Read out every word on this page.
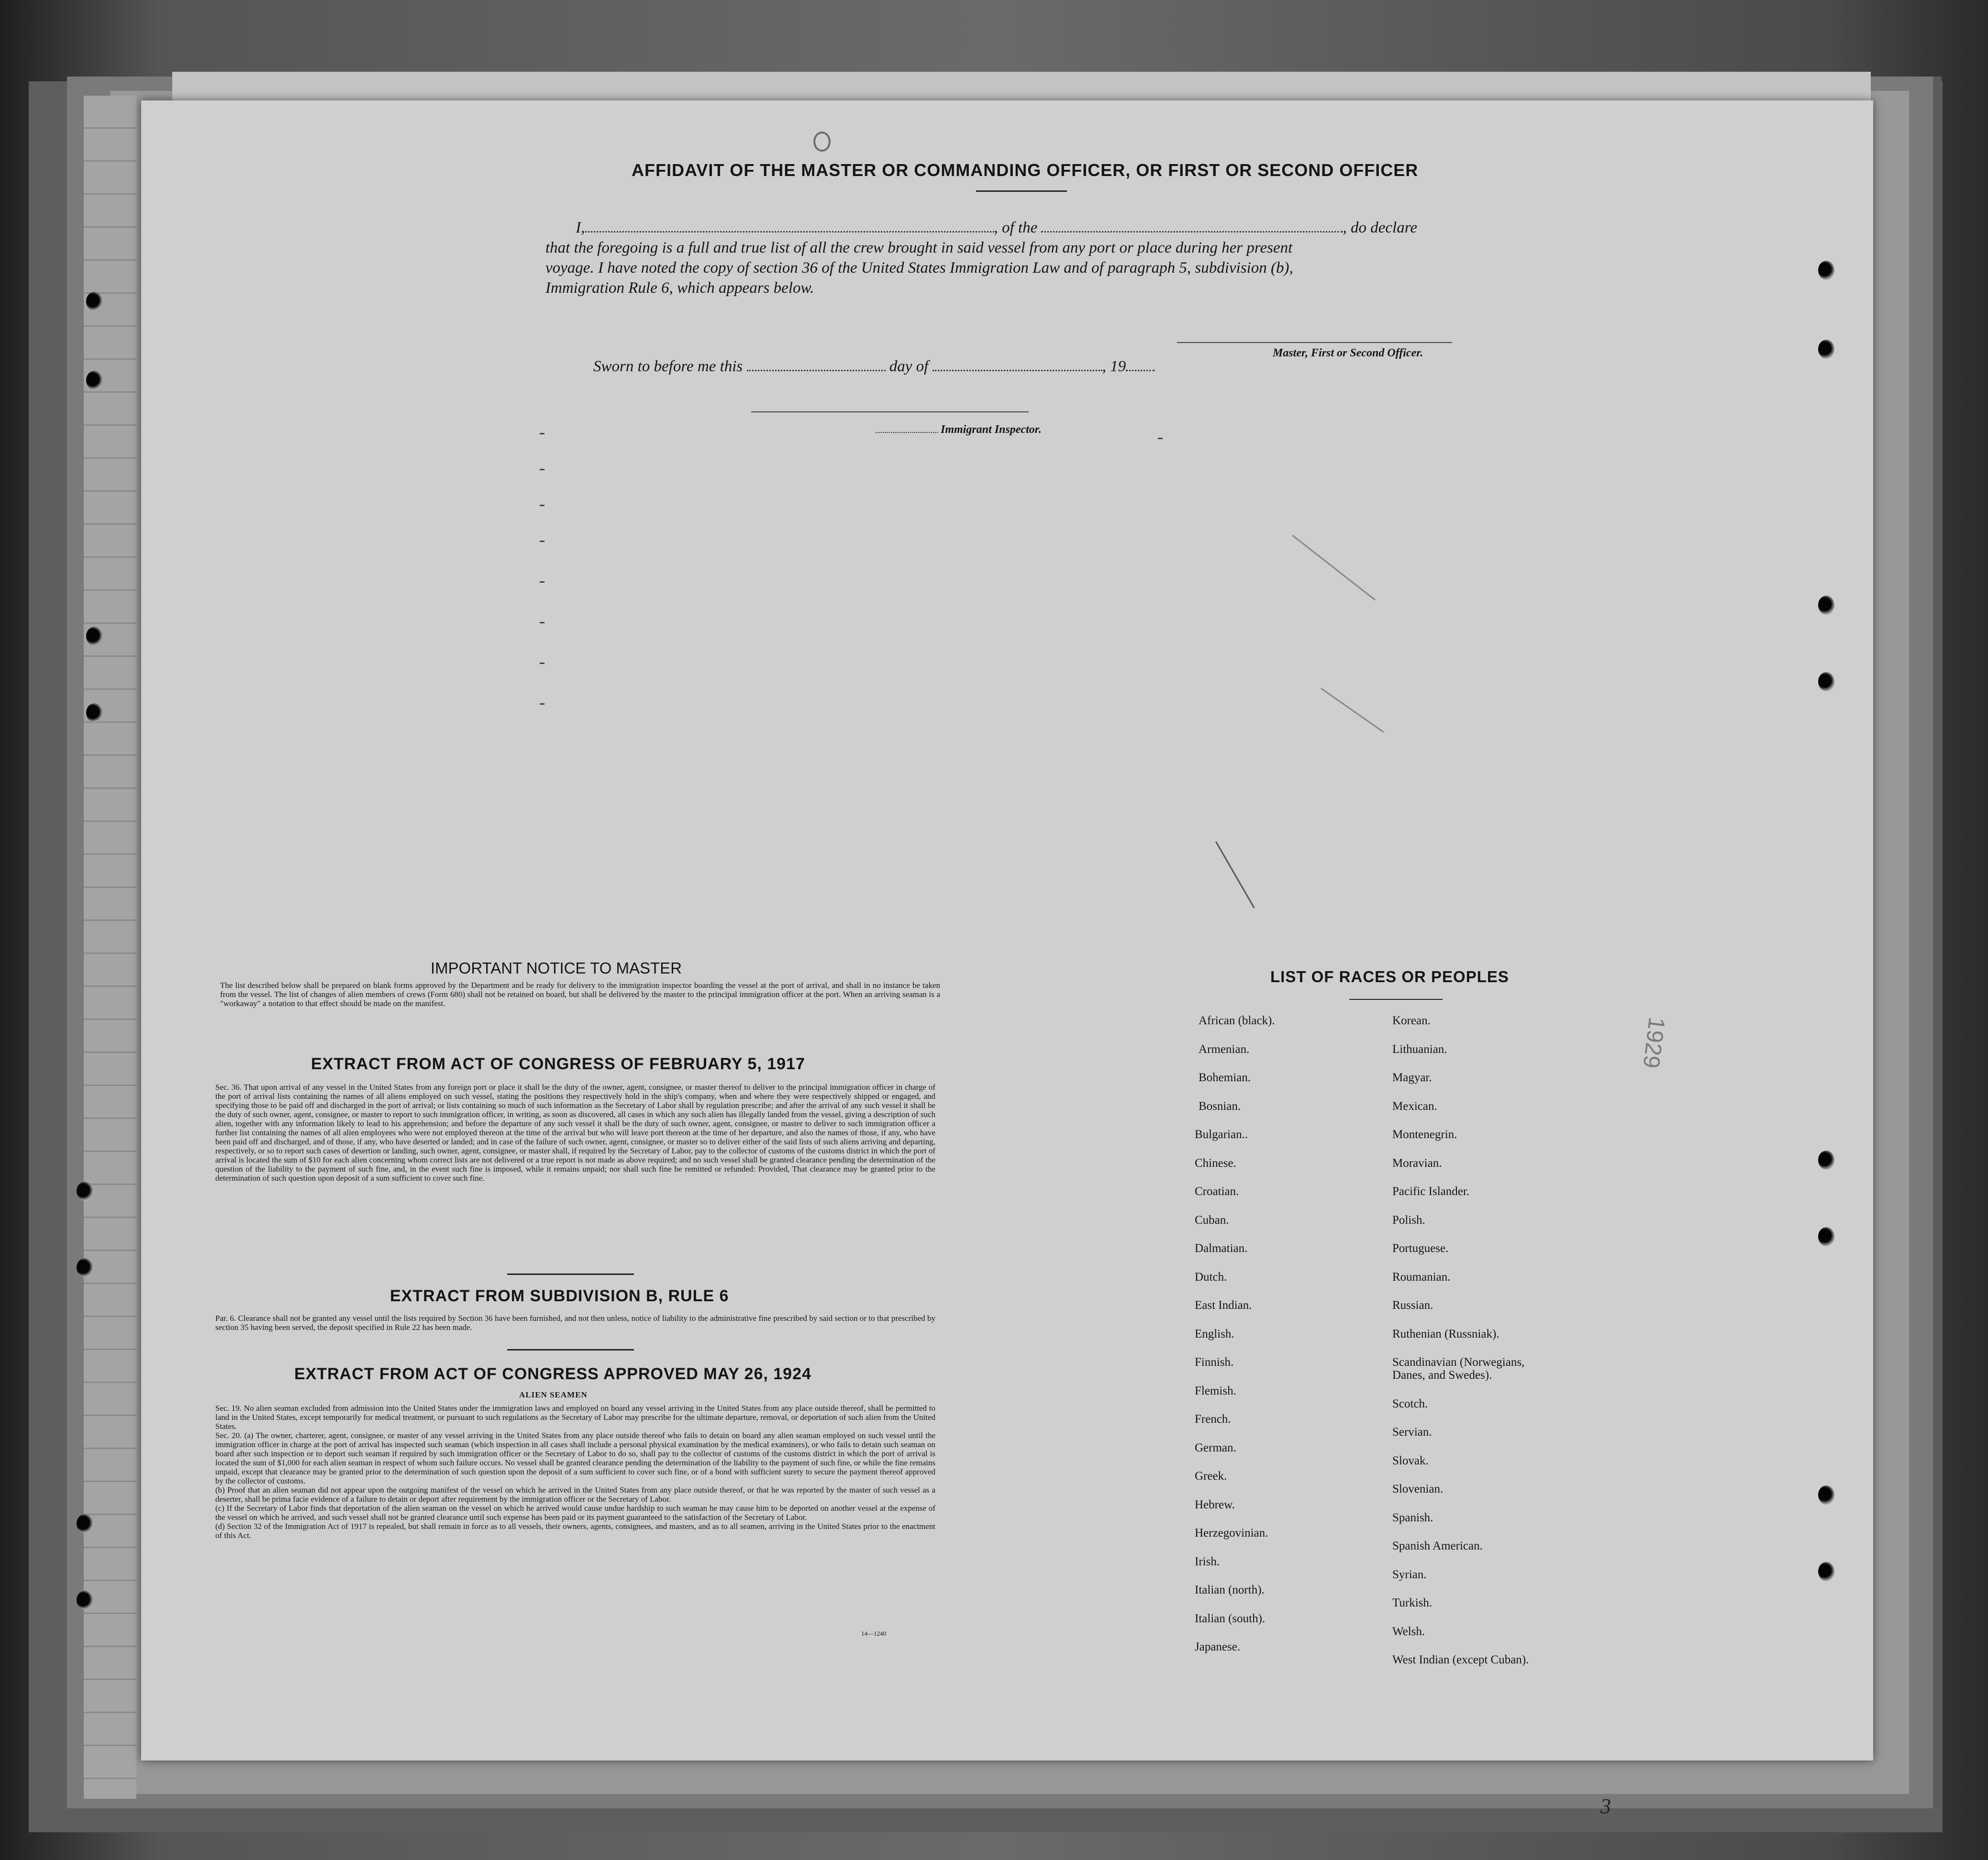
AFFIDAVIT OF THE MASTER OR COMMANDING OFFICER, OR FIRST OR SECOND OFFICER
I,	, of the	, do declare
that the foregoing is a full and true list of all the crew brought in said vessel from any port or place during her present
voyage. I have noted the copy of section 36 of the United States Immigration Law and of paragraph 5, subdivision (b),
Immigration Rule 6, which appears below.
Master, First or Second Officer.
Sworn to before me this	day of	, 19
Immigrant Inspector.
IMPORTANT NOTICE TO MASTER
The list described below shall be prepared on blank forms approved by the Department and be ready for delivery to the immigration inspector boarding the vessel at the port of arrival, and shall in no instance be taken from the vessel. The list of changes of alien members of crews (Form 680) shall not be retained on board, but shall be delivered by the master to the principal immigration officer at the port. When an arriving seaman is a "workaway" a notation to that effect should be made on the manifest.
EXTRACT FROM ACT OF CONGRESS OF FEBRUARY 5, 1917
Sec. 36. That upon arrival of any vessel in the United States from any foreign port or place it shall be the duty of the owner, agent, consignee, or master thereof to deliver to the principal immigration officer in charge of the port of arrival lists containing the names of all aliens employed on such vessel, stating the positions they respectively hold in the ship's company, when and where they were respectively shipped or engaged, and specifying those to be paid off and discharged in the port of arrival; or lists containing so much of such information as the Secretary of Labor shall by regulation prescribe; and after the arrival of any such vessel it shall be the duty of such owner, agent, consignee, or master to report to such immigration officer, in writing, as soon as discovered, all cases in which any such alien has illegally landed from the vessel, giving a description of such alien, together with any information likely to lead to his apprehension; and before the departure of any such vessel it shall be the duty of such owner, agent, consignee, or master to deliver to such immigration officer a further list containing the names of all alien employees who were not employed thereon at the time of the arrival but who will leave port thereon at the time of her departure, and also the names of those, if any, who have been paid off and discharged, and of those, if any, who have deserted or landed; and in case of the failure of such owner, agent, consignee, or master so to deliver either of the said lists of such aliens arriving and departing, respectively, or so to report such cases of desertion or landing, such owner, agent, consignee, or master shall, if required by the Secretary of Labor, pay to the collector of customs of the customs district in which the port of arrival is located the sum of $10 for each alien concerning whom correct lists are not delivered or a true report is not made as above required; and no such vessel shall be granted clearance pending the determination of the question of the liability to the payment of such fine, and, in the event such fine is imposed, while it remains unpaid; nor shall such fine be remitted or refunded: Provided, That clearance may be granted prior to the determination of such question upon deposit of a sum sufficient to cover such fine.
EXTRACT FROM SUBDIVISION B, RULE 6
Par. 6. Clearance shall not be granted any vessel until the lists required by Section 36 have been furnished, and not then unless, notice of liability to the administrative fine prescribed by said section or to that prescribed by section 35 having been served, the deposit specified in Rule 22 has been made.
EXTRACT FROM ACT OF CONGRESS APPROVED MAY 26, 1924
ALIEN SEAMEN
Sec. 19. No alien seaman excluded from admission into the United States under the immigration laws and employed on board any vessel arriving in the United States from any place outside thereof, shall be permitted to land in the United States, except temporarily for medical treatment, or pursuant to such regulations as the Secretary of Labor may prescribe for the ultimate departure, removal, or deportation of such alien from the United States.
Sec. 20. (a) The owner, charterer, agent, consignee, or master of any vessel arriving in the United States from any place outside thereof who fails to detain on board any alien seaman employed on such vessel until the immigration officer in charge at the port of arrival has inspected such seaman (which inspection in all cases shall include a personal physical examination by the medical examiners), or who fails to detain such seaman on board after such inspection or to deport such seaman if required by such immigration officer or the Secretary of Labor to do so, shall pay to the collector of customs of the customs district in which the port of arrival is located the sum of $1,000 for each alien seaman in respect of whom such failure occurs. No vessel shall be granted clearance pending the determination of the liability to the payment of such fine, or while the fine remains unpaid, except that clearance may be granted prior to the determination of such question upon the deposit of a sum sufficient to cover such fine, or of a bond with sufficient surety to secure the payment thereof approved by the collector of customs.
(b) Proof that an alien seaman did not appear upon the outgoing manifest of the vessel on which he arrived in the United States from any place outside thereof, or that he was reported by the master of such vessel as a deserter, shall be prima facie evidence of a failure to detain or deport after requirement by the immigration officer or the Secretary of Labor.
(c) If the Secretary of Labor finds that deportation of the alien seaman on the vessel on which he arrived would cause undue hardship to such seaman he may cause him to be deported on another vessel at the expense of the vessel on which he arrived, and such vessel shall not be granted clearance until such expense has been paid or its payment guaranteed to the satisfaction of the Secretary of Labor.
(d) Section 32 of the Immigration Act of 1917 is repealed, but shall remain in force as to all vessels, their owners, agents, consignees, and masters, and as to all seamen, arriving in the United States prior to the enactment of this Act.
14—1240
LIST OF RACES OR PEOPLES
African (black).
Armenian.
Bohemian.
Bosnian.
Bulgarian..
Chinese.
Croatian.
Cuban.
Dalmatian.
Dutch.
East Indian.
English.
Finnish.
Flemish.
French.
German.
Greek.
Hebrew.
Herzegovinian.
Irish.
Italian (north).
Italian (south).
Japanese.
Korean.
Lithuanian.
Magyar.
Mexican.
Montenegrin.
Moravian.
Pacific Islander.
Polish.
Portuguese.
Roumanian.
Russian.
Ruthenian (Russniak).
Scandinavian (Norwegians,
Danes, and Swedes).
Scotch.
Servian.
Slovak.
Slovenian.
Spanish.
Spanish American.
Syrian.
Turkish.
Welsh.
West Indian (except Cuban).
1929
3
